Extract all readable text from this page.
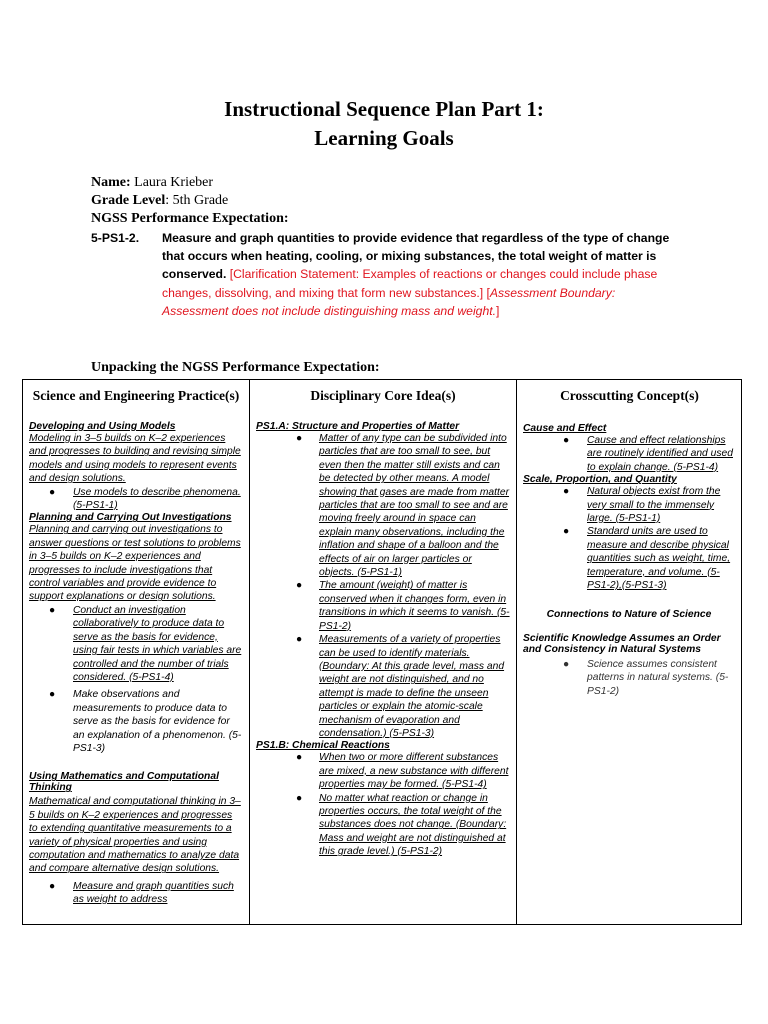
Instructional Sequence Plan Part 1:
Learning Goals
Name: Laura Krieber
Grade Level: 5th Grade
NGSS Performance Expectation:
5-PS1-2. Measure and graph quantities to provide evidence that regardless of the type of change that occurs when heating, cooling, or mixing substances, the total weight of matter is conserved. [Clarification Statement: Examples of reactions or changes could include phase changes, dissolving, and mixing that form new substances.] [Assessment Boundary: Assessment does not include distinguishing mass and weight.]
Unpacking the NGSS Performance Expectation:
Science and Engineering Practice(s)	Disciplinary Core Idea(s)	Crosscutting Concept(s)
Developing and Using Models
Modeling in 3–5 builds on K–2 experiences and progresses to building and revising simple models and using models to represent events and design solutions.
● Use models to describe phenomena. (5-PS1-1)
Planning and Carrying Out Investigations
Planning and carrying out investigations to answer questions or test solutions to problems in 3–5 builds on K–2 experiences and progresses to include investigations that control variables and provide evidence to support explanations or design solutions.
● Conduct an investigation collaboratively to produce data to serve as the basis for evidence, using fair tests in which variables are controlled and the number of trials considered. (5-PS1-4)
● Make observations and measurements to produce data to serve as the basis for evidence for an explanation of a phenomenon. (5-PS1-3)
Using Mathematics and Computational Thinking
Mathematical and computational thinking in 3–5 builds on K–2 experiences and progresses to extending quantitative measurements to a variety of physical properties and using computation and mathematics to analyze data and compare alternative design solutions.
● Measure and graph quantities such as weight to address
PS1.A: Structure and Properties of Matter
● Matter of any type can be subdivided into particles that are too small to see, but even then the matter still exists and can be detected by other means. A model showing that gases are made from matter particles that are too small to see and are moving freely around in space can explain many observations, including the inflation and shape of a balloon and the effects of air on larger particles or objects. (5-PS1-1)
● The amount (weight) of matter is conserved when it changes form, even in transitions in which it seems to vanish. (5-PS1-2)
● Measurements of a variety of properties can be used to identify materials. (Boundary: At this grade level, mass and weight are not distinguished, and no attempt is made to define the unseen particles or explain the atomic-scale mechanism of evaporation and condensation.) (5-PS1-3)
PS1.B: Chemical Reactions
● When two or more different substances are mixed, a new substance with different properties may be formed. (5-PS1-4)
● No matter what reaction or change in properties occurs, the total weight of the substances does not change. (Boundary: Mass and weight are not distinguished at this grade level.) (5-PS1-2)
Cause and Effect
● Cause and effect relationships are routinely identified and used to explain change. (5-PS1-4)
Scale, Proportion, and Quantity
● Natural objects exist from the very small to the immensely large. (5-PS1-1)
● Standard units are used to measure and describe physical quantities such as weight, time, temperature, and volume. (5-PS1-2),(5-PS1-3)
Connections to Nature of Science
Scientific Knowledge Assumes an Order and Consistency in Natural Systems
● Science assumes consistent patterns in natural systems. (5-PS1-2)
